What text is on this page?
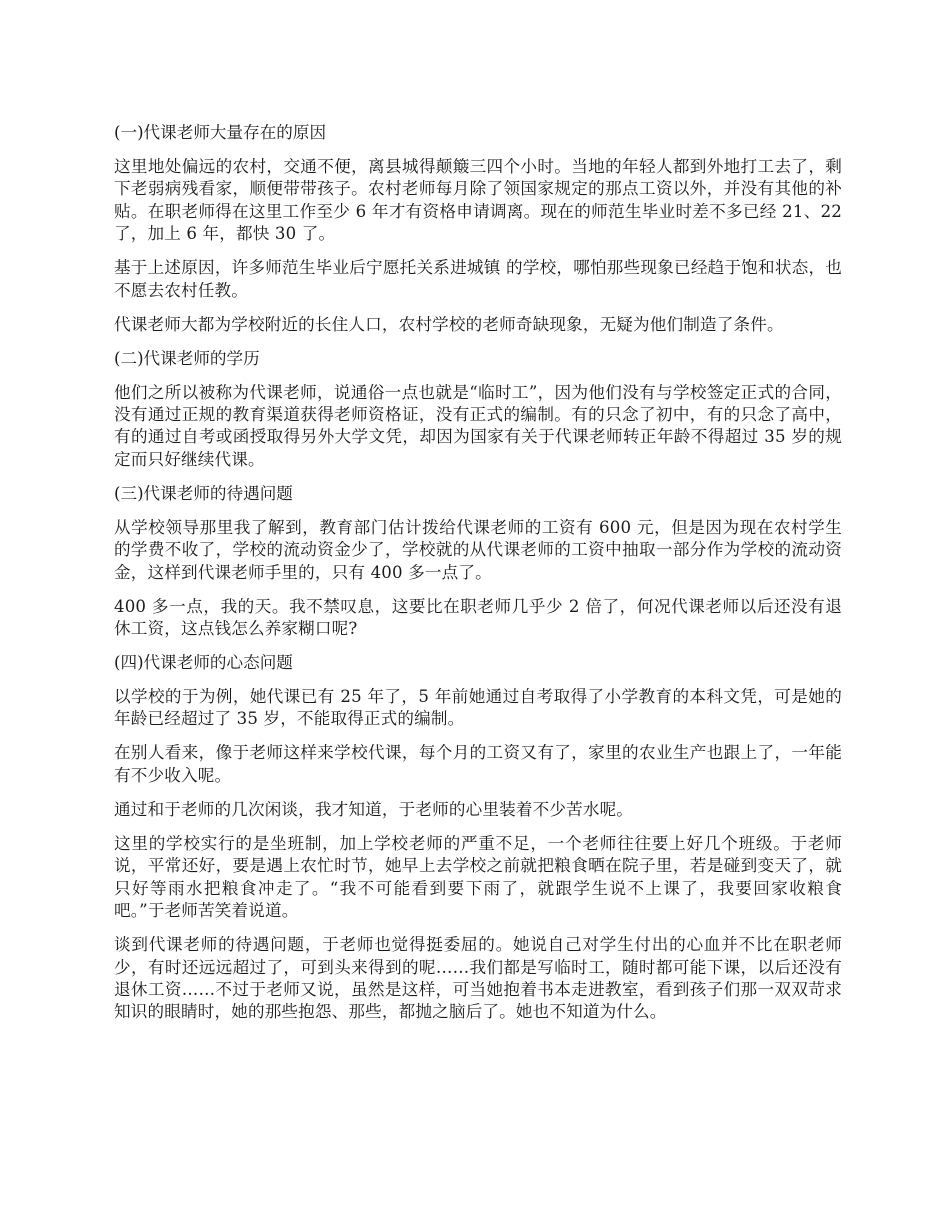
(一)代课老师大量存在的原因
这里地处偏远的农村，交通不便，离县城得颠簸三四个小时。当地的年轻人都到外地打工去了，剩下老弱病残看家，顺便带带孩子。农村老师每月除了领国家规定的那点工资以外，并没有其他的补贴。在职老师得在这里工作至少 6 年才有资格申请调离。现在的师范生毕业时差不多已经 21、22 了，加上 6 年，都快 30 了。
基于上述原因，许多师范生毕业后宁愿托关系进城镇 的学校，哪怕那些现象已经趋于饱和状态，也不愿去农村任教。
代课老师大都为学校附近的长住人口，农村学校的老师奇缺现象，无疑为他们制造了条件。
(二)代课老师的学历
他们之所以被称为代课老师，说通俗一点也就是“临时工”，因为他们没有与学校签定正式的合同，没有通过正规的教育渠道获得老师资格证，没有正式的编制。有的只念了初中，有的只念了高中，有的通过自考或函授取得另外大学文凭，却因为国家有关于代课老师转正年龄不得超过 35 岁的规定而只好继续代课。
(三)代课老师的待遇问题
从学校领导那里我了解到，教育部门估计拨给代课老师的工资有 600 元，但是因为现在农村学生的学费不收了，学校的流动资金少了，学校就的从代课老师的工资中抽取一部分作为学校的流动资金，这样到代课老师手里的，只有 400 多一点了。
400 多一点，我的天。我不禁叹息，这要比在职老师几乎少 2 倍了，何况代课老师以后还没有退休工资，这点钱怎么养家糊口呢?
(四)代课老师的心态问题
以学校的于为例，她代课已有 25 年了，5 年前她通过自考取得了小学教育的本科文凭，可是她的年龄已经超过了 35 岁，不能取得正式的编制。
在别人看来，像于老师这样来学校代课，每个月的工资又有了，家里的农业生产也跟上了，一年能有不少收入呢。
通过和于老师的几次闲谈，我才知道，于老师的心里装着不少苦水呢。
这里的学校实行的是坐班制，加上学校老师的严重不足，一个老师往往要上好几个班级。于老师说，平常还好，要是遇上农忙时节，她早上去学校之前就把粮食晒在院子里，若是碰到变天了，就只好等雨水把粮食冲走了。“我不可能看到要下雨了，就跟学生说不上课了，我要回家收粮食吧。”于老师苦笑着说道。
谈到代课老师的待遇问题，于老师也觉得挺委屈的。她说自己对学生付出的心血并不比在职老师少，有时还远远超过了，可到头来得到的呢……我们都是写临时工，随时都可能下课，以后还没有退休工资……不过于老师又说，虽然是这样，可当她抱着书本走进教室，看到孩子们那一双双苛求知识的眼睛时，她的那些抱怨、那些，都抛之脑后了。她也不知道为什么。
